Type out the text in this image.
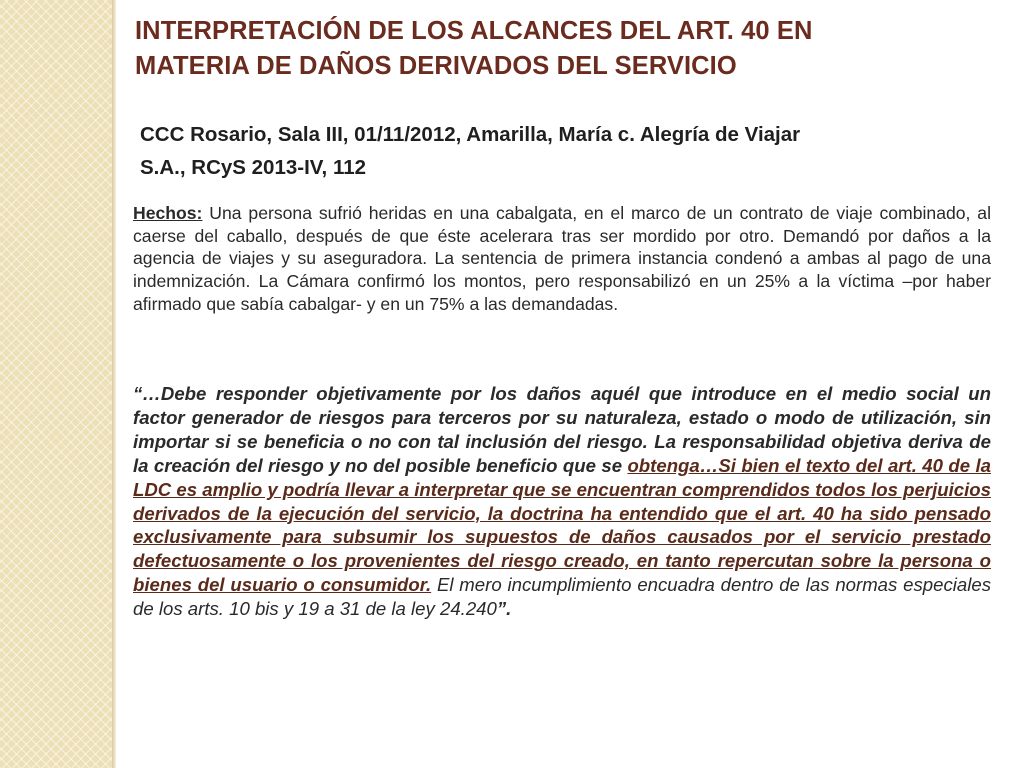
INTERPRETACIÓN DE LOS ALCANCES DEL ART. 40 EN
MATERIA DE DAÑOS DERIVADOS DEL SERVICIO

CCC Rosario, Sala III, 01/11/2012, Amarilla, María c. Alegría de Viajar
S.A., RCyS 2013-IV, 112

Hechos: Una persona sufrió heridas en una cabalgata, en el marco de un contrato de viaje combinado, al caerse del caballo, después de que éste acelerara tras ser mordido por otro. Demandó por daños a la agencia de viajes y su aseguradora. La sentencia de primera instancia condenó a ambas al pago de una indemnización. La Cámara confirmó los montos, pero responsabilizó en un 25% a la víctima –por haber afirmado que sabía cabalgar- y en un 75% a las demandadas.

“…Debe responder objetivamente por los daños aquél que introduce en el medio social un factor generador de riesgos para terceros por su naturaleza, estado o modo de utilización, sin importar si se beneficia o no con tal inclusión del riesgo. La responsabilidad objetiva deriva de la creación del riesgo y no del posible beneficio que se obtenga…Si bien el texto del art. 40 de la LDC es amplio y podría llevar a interpretar que se encuentran comprendidos todos los perjuicios derivados de la ejecución del servicio, la doctrina ha entendido que el art. 40 ha sido pensado exclusivamente para subsumir los supuestos de daños causados por el servicio prestado defectuosamente o los provenientes del riesgo creado, en tanto repercutan sobre la persona o bienes del usuario o consumidor. El mero incumplimiento encuadra dentro de las normas especiales de los arts. 10 bis y 19 a 31 de la ley 24.240”.
